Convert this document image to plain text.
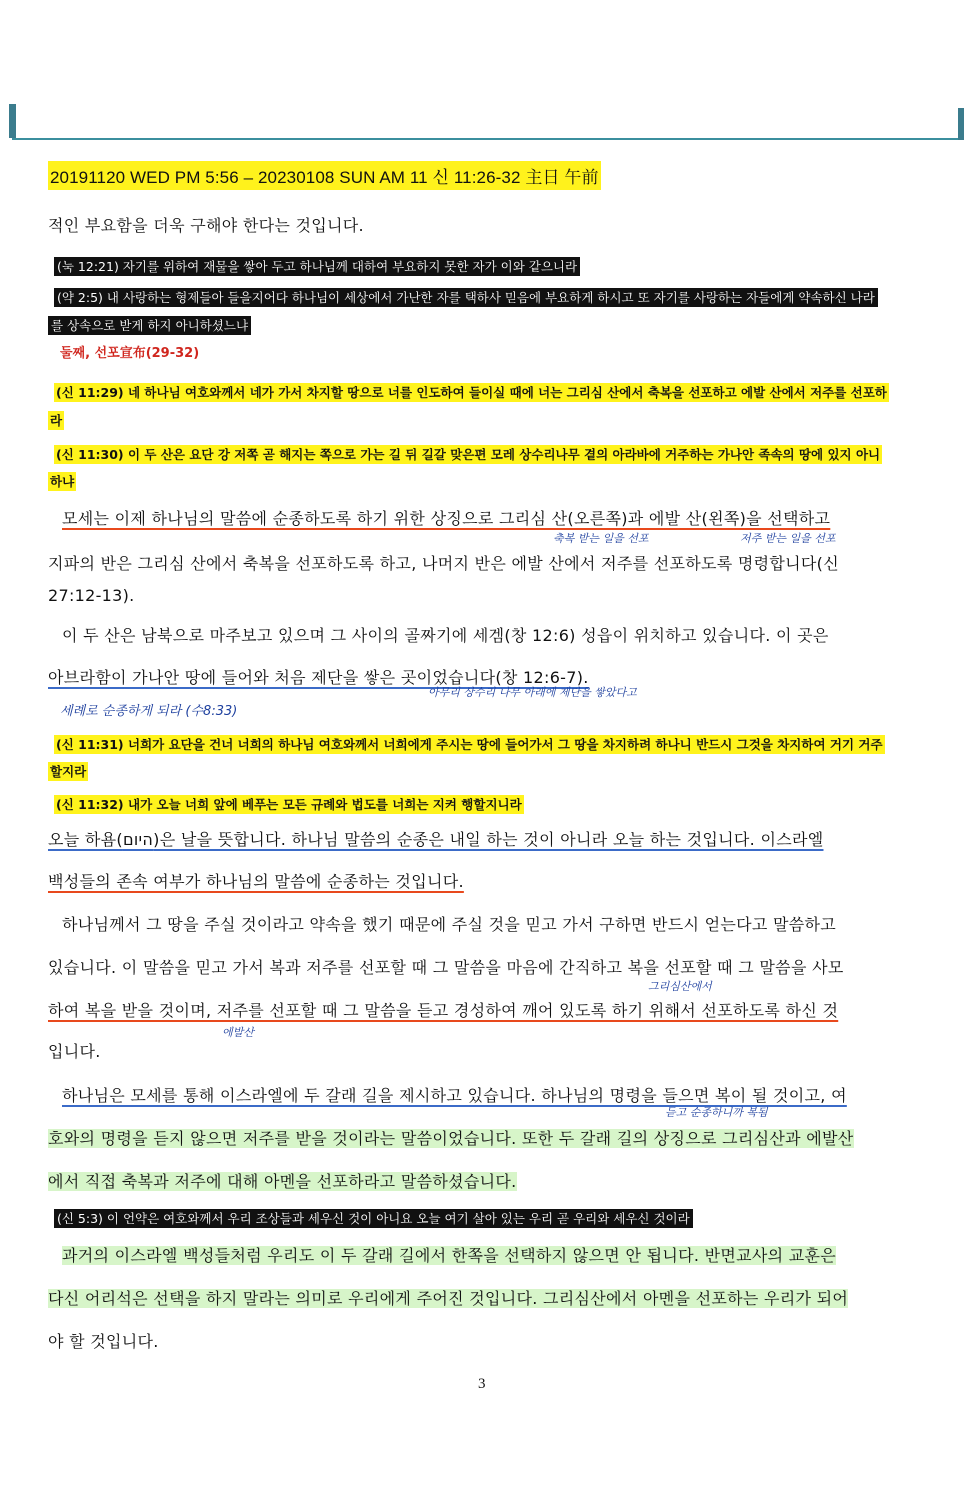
20191120 WED PM 5:56 – 20230108 SUN AM 11 신 11:26-32 主日 午前
적인 부요함을 더욱 구해야 한다는 것입니다.
(눅 12:21) 자기를 위하여 재물을 쌓아 두고 하나님께 대하여 부요하지 못한 자가 이와 같으니라
(약 2:5) 내 사랑하는 형제들아 들을지어다 하나님이 세상에서 가난한 자를 택하사 믿음에 부요하게 하시고 또 자기를 사랑하는 자들에게 약속하신 나라
를 상속으로 받게 하지 아니하셨느냐
둘째, 선포宣布(29-32)
(신 11:29) 네 하나님 여호와께서 네가 가서 차지할 땅으로 너를 인도하여 들이실 때에 너는 그리심 산에서 축복을 선포하고 에발 산에서 저주를 선포하
라
(신 11:30) 이 두 산은 요단 강 저쪽 곧 해지는 쪽으로 가는 길 뒤 길갈 맞은편 모레 상수리나무 곁의 아라바에 거주하는 가나안 족속의 땅에 있지 아니
하냐
모세는 이제 하나님의 말씀에 순종하도록 하기 위한 상징으로 그리심 산(오른쪽)과 에발 산(왼쪽)을 선택하고
축복 받는 일을 선포	저주 받는 일을 선포
지파의 반은 그리심 산에서 축복을 선포하도록 하고, 나머지 반은 에발 산에서 저주를 선포하도록 명령합니다(신
27:12-13).
이 두 산은 남북으로 마주보고 있으며 그 사이의 골짜기에 세겜(창 12:6) 성읍이 위치하고 있습니다. 이 곳은
아브라함이 가나안 땅에 들어와 처음 제단을 쌓은 곳이었습니다(창 12:6-7).
아무리 상수리 나무 아래에 제단을 쌓았다고
세례로 순종하게 되라 (수8:33)
(신 11:31) 너희가 요단을 건너 너희의 하나님 여호와께서 너희에게 주시는 땅에 들어가서 그 땅을 차지하려 하나니 반드시 그것을 차지하여 거기 거주
할지라
(신 11:32) 내가 오늘 너희 앞에 베푸는 모든 규례와 법도를 너희는 지켜 행할지니라
오늘 하욤(היום)은 날을 뜻합니다. 하나님 말씀의 순종은 내일 하는 것이 아니라 오늘 하는 것입니다. 이스라엘
백성들의 존속 여부가 하나님의 말씀에 순종하는 것입니다.
하나님께서 그 땅을 주실 것이라고 약속을 했기 때문에 주실 것을 믿고 가서 구하면 반드시 얻는다고 말씀하고
있습니다. 이 말씀을 믿고 가서 복과 저주를 선포할 때 그 말씀을 마음에 간직하고 복을 선포할 때 그 말씀을 사모
그리심산에서
하여 복을 받을 것이며, 저주를 선포할 때 그 말씀을 듣고 경성하여 깨어 있도록 하기 위해서 선포하도록 하신 것
에발산
입니다.
하나님은 모세를 통해 이스라엘에 두 갈래 길을 제시하고 있습니다. 하나님의 명령을 들으면 복이 될 것이고, 여
듣고 순종하니까 복됨
호와의 명령을 듣지 않으면 저주를 받을 것이라는 말씀이었습니다. 또한 두 갈래 길의 상징으로 그리심산과 에발산
에서 직접 축복과 저주에 대해 아멘을 선포하라고 말씀하셨습니다.
(신 5:3) 이 언약은 여호와께서 우리 조상들과 세우신 것이 아니요 오늘 여기 살아 있는 우리 곧 우리와 세우신 것이라
과거의 이스라엘 백성들처럼 우리도 이 두 갈래 길에서 한쪽을 선택하지 않으면 안 됩니다. 반면교사의 교훈은
다신 어리석은 선택을 하지 말라는 의미로 우리에게 주어진 것입니다. 그리심산에서 아멘을 선포하는 우리가 되어
야 할 것입니다.
3
